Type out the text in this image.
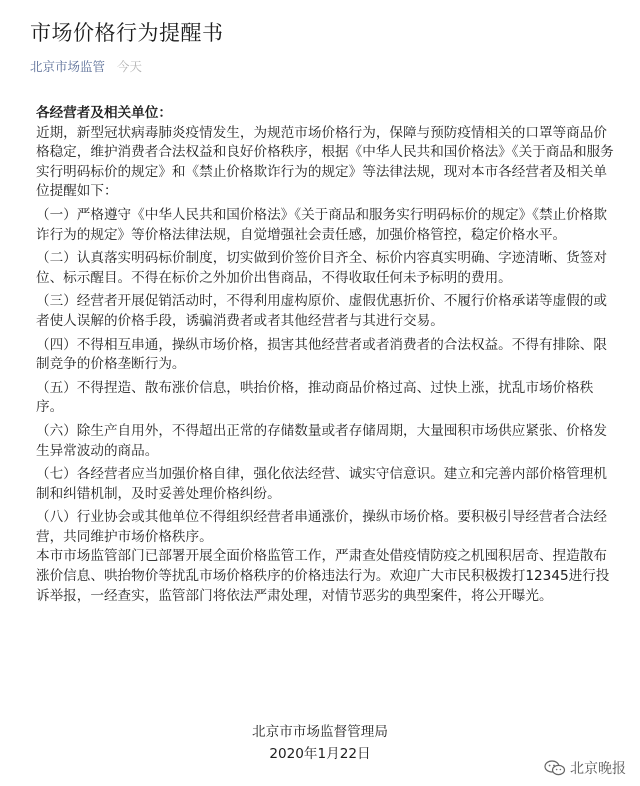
市场价格行为提醒书
北京市场监管 今天

各经营者及相关单位：

近期，新型冠状病毒肺炎疫情发生，为规范市场价格行为，保障与预防疫情相关的口罩等商品价格稳定，维护消费者合法权益和良好价格秩序，根据《中华人民共和国价格法》《关于商品和服务实行明码标价的规定》和《禁止价格欺诈行为的规定》等法律法规，现对本市各经营者及相关单位提醒如下：

（一）严格遵守《中华人民共和国价格法》《关于商品和服务实行明码标价的规定》《禁止价格欺诈行为的规定》等价格法律法规，自觉增强社会责任感，加强价格管控，稳定价格水平。

（二）认真落实明码标价制度，切实做到价签价目齐全、标价内容真实明确、字迹清晰、货签对位、标示醒目。不得在标价之外加价出售商品，不得收取任何未予标明的费用。

（三）经营者开展促销活动时，不得利用虚构原价、虚假优惠折价、不履行价格承诺等虚假的或者使人误解的价格手段，诱骗消费者或者其他经营者与其进行交易。

（四）不得相互串通，操纵市场价格，损害其他经营者或者消费者的合法权益。不得有排除、限制竞争的价格垄断行为。

（五）不得捏造、散布涨价信息，哄抬价格，推动商品价格过高、过快上涨，扰乱市场价格秩序。

（六）除生产自用外，不得超出正常的存储数量或者存储周期，大量囤积市场供应紧张、价格发生异常波动的商品。

（七）各经营者应当加强价格自律，强化依法经营、诚实守信意识。建立和完善内部价格管理机制和纠错机制，及时妥善处理价格纠纷。

（八）行业协会或其他单位不得组织经营者串通涨价，操纵市场价格。要积极引导经营者合法经营，共同维护市场价格秩序。

本市市场监管部门已部署开展全面价格监管工作，严肃查处借疫情防疫之机囤积居奇、捏造散布涨价信息、哄抬物价等扰乱市场价格秩序的价格违法行为。欢迎广大市民积极拨打12345进行投诉举报，一经查实，监管部门将依法严肃处理，对情节恶劣的典型案件，将公开曝光。

北京市市场监督管理局
2020年1月22日
北京晚报
